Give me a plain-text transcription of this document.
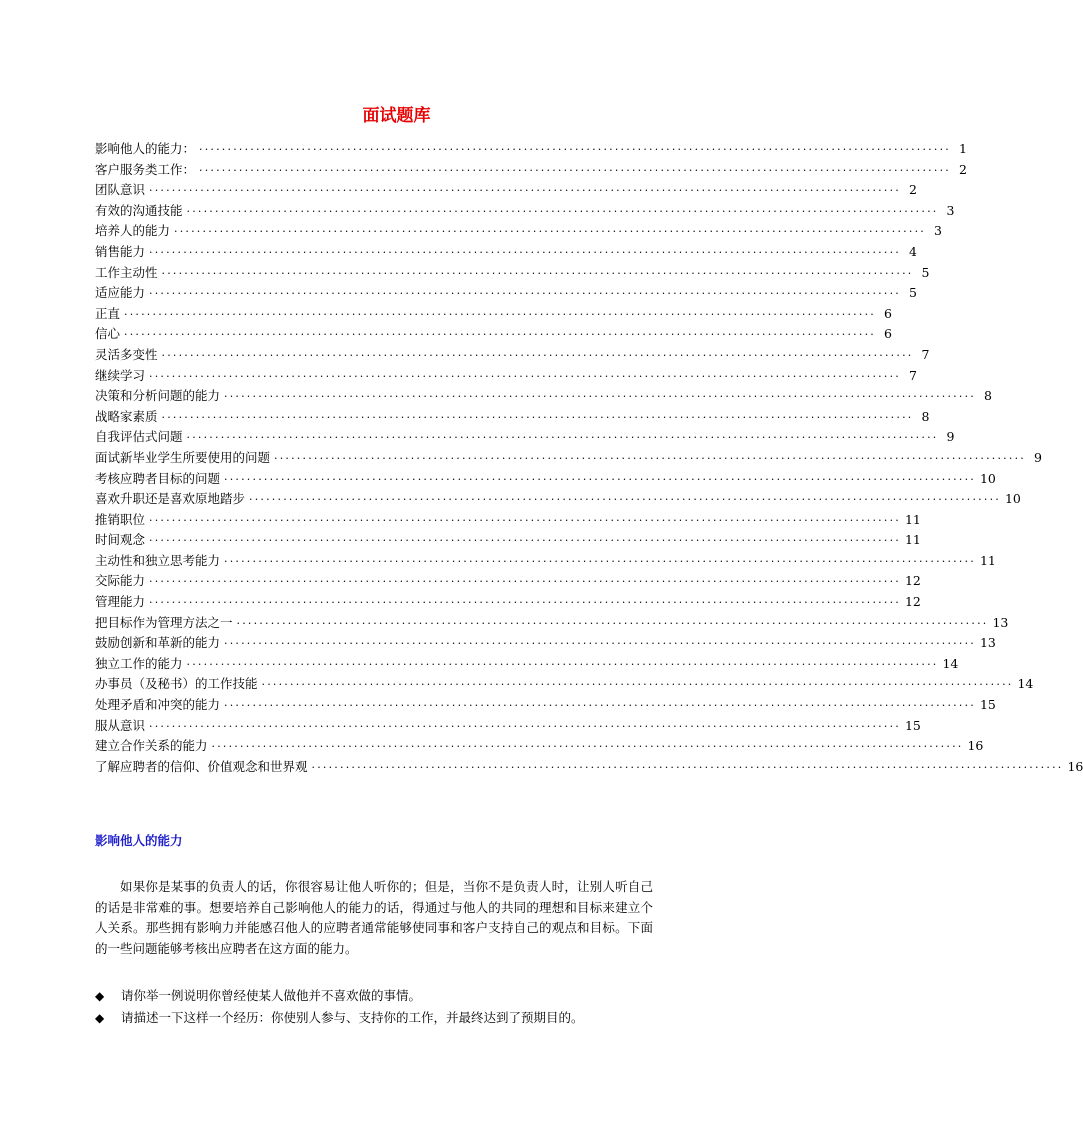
面试题库
影响他人的能力： ···································································································································· 1
客户服务类工作： ···································································································································· 2
团队意识 ···································································································································· 2
有效的沟通技能 ···································································································································· 3
培养人的能力 ···································································································································· 3
销售能力 ···································································································································· 4
工作主动性 ···································································································································· 5
适应能力 ···································································································································· 5
正直 ···································································································································· 6
信心 ···································································································································· 6
灵活多变性 ···································································································································· 7
继续学习 ···································································································································· 7
决策和分析问题的能力 ···································································································································· 8
战略家素质 ···································································································································· 8
自我评估式问题 ···································································································································· 9
面试新毕业学生所要使用的问题 ···································································································································· 9
考核应聘者目标的问题 ···································································································································· 10
喜欢升职还是喜欢原地踏步 ···································································································································· 10
推销职位 ···································································································································· 11
时间观念 ···································································································································· 11
主动性和独立思考能力 ···································································································································· 11
交际能力 ···································································································································· 12
管理能力 ···································································································································· 12
把目标作为管理方法之一 ···································································································································· 13
鼓励创新和革新的能力 ···································································································································· 13
独立工作的能力 ···································································································································· 14
办事员（及秘书）的工作技能 ···································································································································· 14
处理矛盾和冲突的能力 ···································································································································· 15
服从意识 ···································································································································· 15
建立合作关系的能力 ···································································································································· 16
了解应聘者的信仰、价值观念和世界观 ···································································································································· 16
影响他人的能力

如果你是某事的负责人的话，你很容易让他人听你的；但是，当你不是负责人时，让别人听自己的话是非常难的事。想要培养自己影响他人的能力的话，得通过与他人的共同的理想和目标来建立个人关系。那些拥有影响力并能感召他人的应聘者通常能够使同事和客户支持自己的观点和目标。下面的一些问题能够考核出应聘者在这方面的能力。

◆	请你举一例说明你曾经使某人做他并不喜欢做的事情。
◆	请描述一下这样一个经历：你使别人参与、支持你的工作，并最终达到了预期目的。
